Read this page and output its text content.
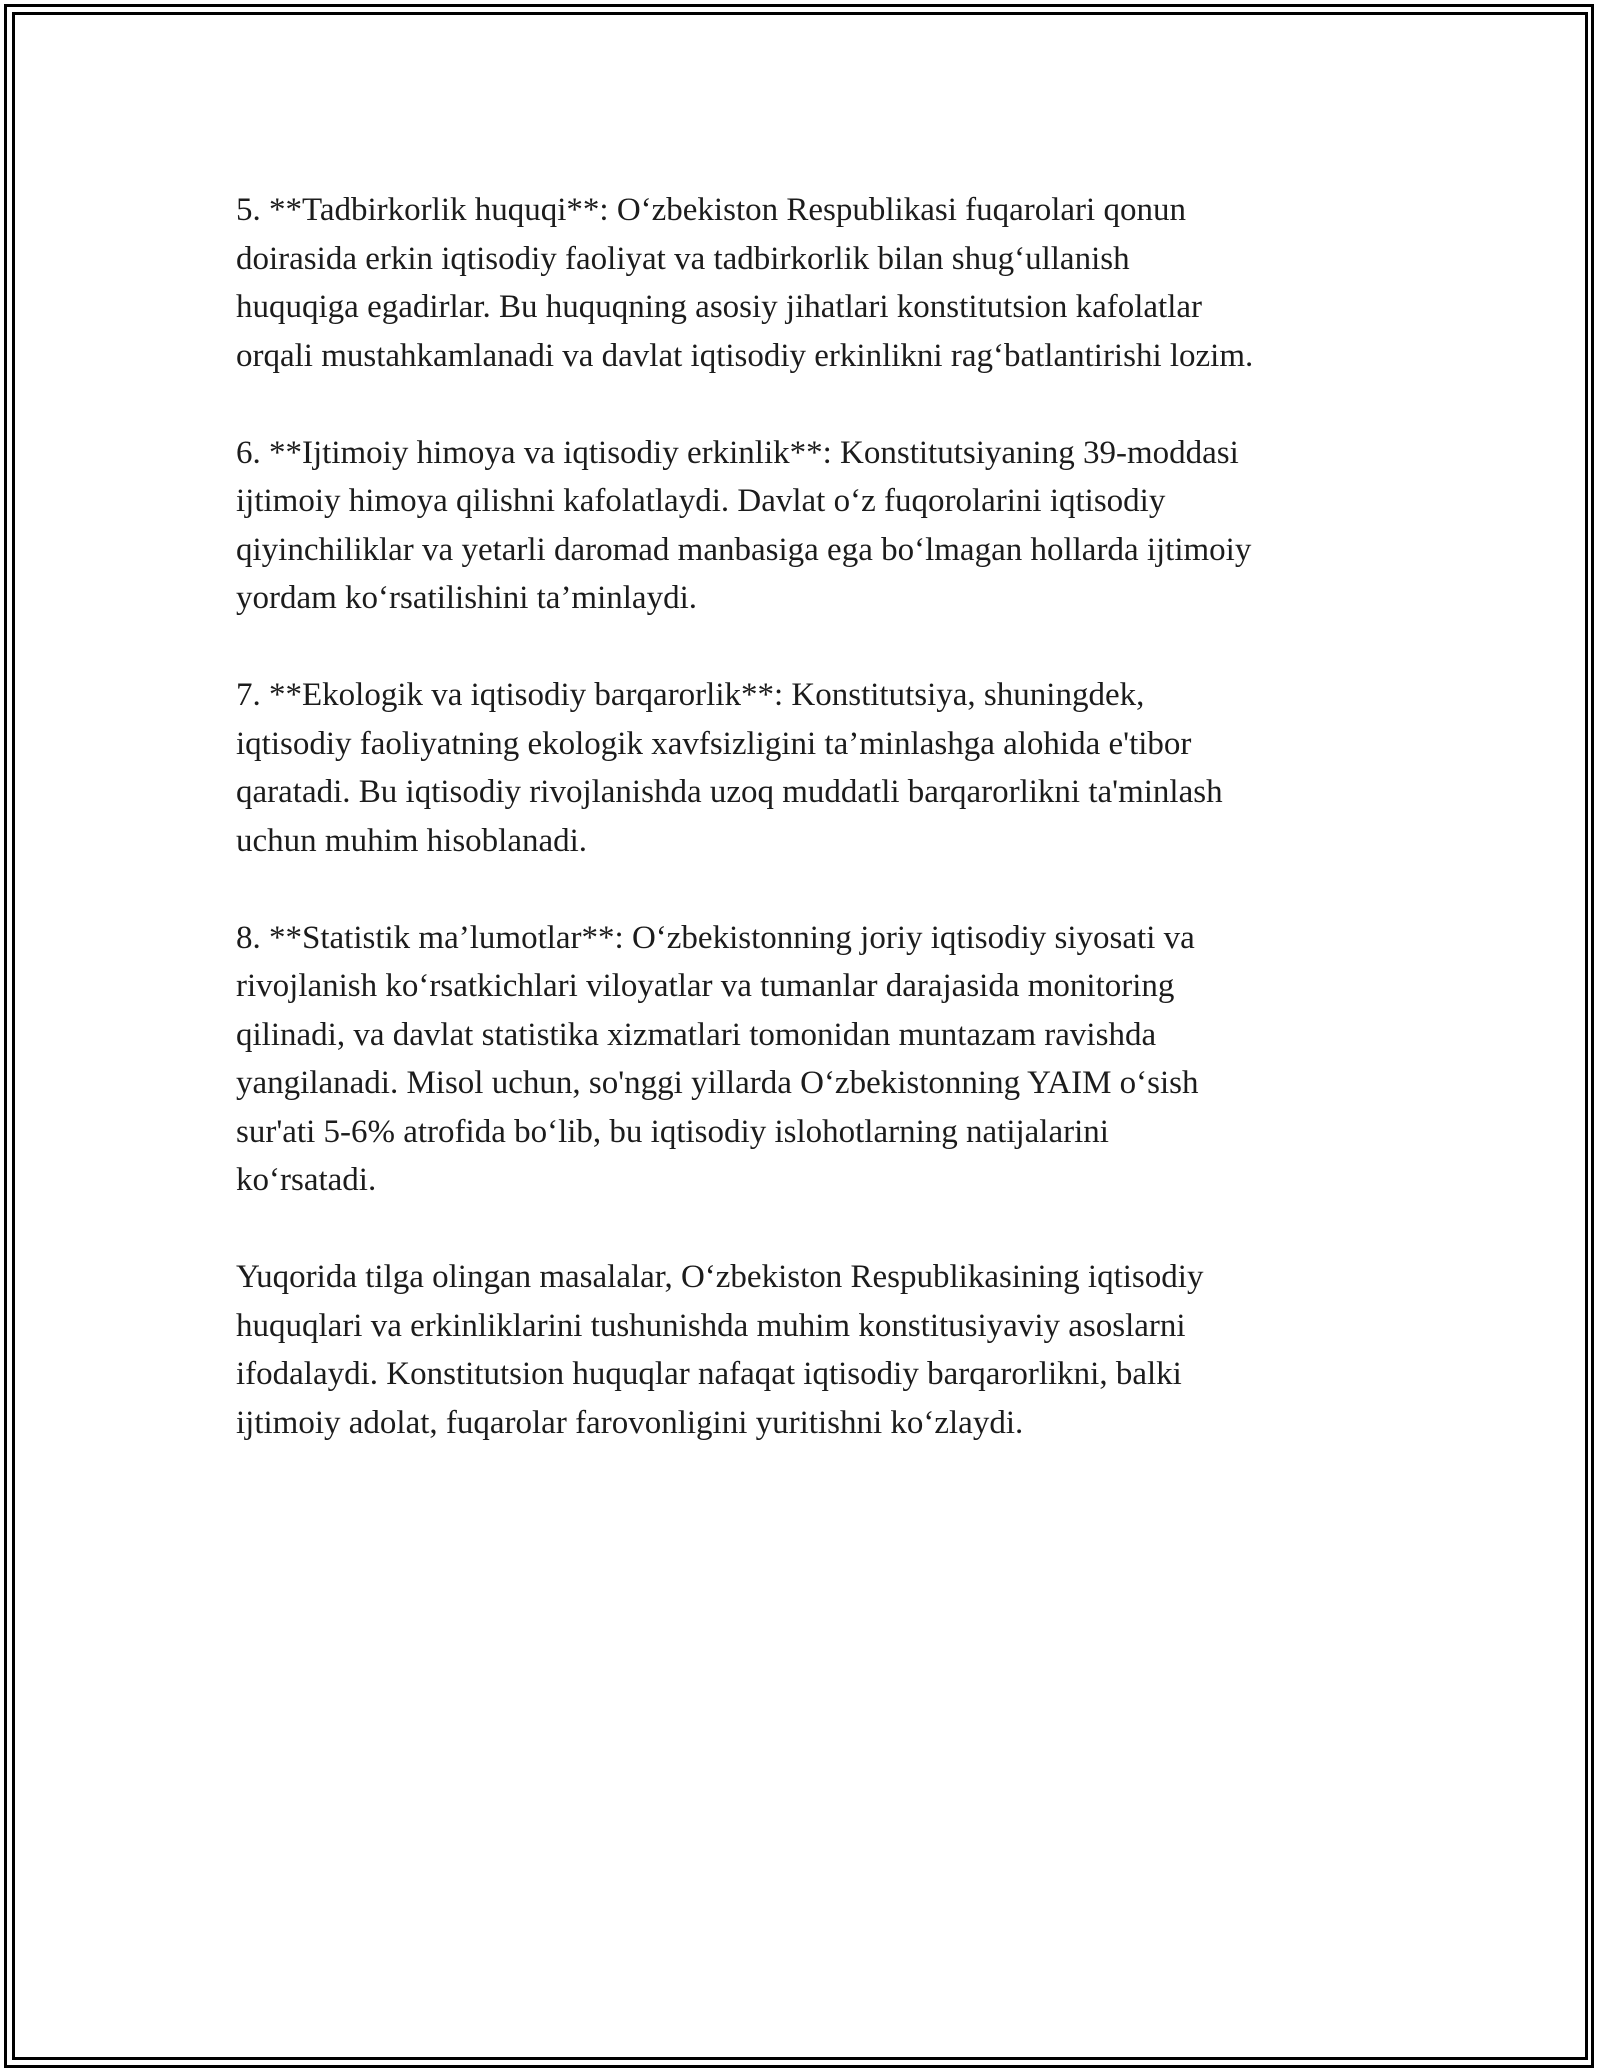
5. **Tadbirkorlik huquqi**: O‘zbekiston Respublikasi fuqarolari qonun
doirasida erkin iqtisodiy faoliyat va tadbirkorlik bilan shug‘ullanish
huquqiga egadirlar. Bu huquqning asosiy jihatlari konstitutsion kafolatlar
orqali mustahkamlanadi va davlat iqtisodiy erkinlikni rag‘batlantirishi lozim.

6. **Ijtimoiy himoya va iqtisodiy erkinlik**: Konstitutsiyaning 39-moddasi
ijtimoiy himoya qilishni kafolatlaydi. Davlat o‘z fuqorolarini iqtisodiy
qiyinchiliklar va yetarli daromad manbasiga ega bo‘lmagan hollarda ijtimoiy
yordam ko‘rsatilishini ta’minlaydi.

7. **Ekologik va iqtisodiy barqarorlik**: Konstitutsiya, shuningdek,
iqtisodiy faoliyatning ekologik xavfsizligini ta’minlashga alohida e'tibor
qaratadi. Bu iqtisodiy rivojlanishda uzoq muddatli barqarorlikni ta'minlash
uchun muhim hisoblanadi.

8. **Statistik ma’lumotlar**: O‘zbekistonning joriy iqtisodiy siyosati va
rivojlanish ko‘rsatkichlari viloyatlar va tumanlar darajasida monitoring
qilinadi, va davlat statistika xizmatlari tomonidan muntazam ravishda
yangilanadi. Misol uchun, so'nggi yillarda O‘zbekistonning YAIM o‘sish
sur'ati 5-6% atrofida bo‘lib, bu iqtisodiy islohotlarning natijalarini
ko‘rsatadi.

Yuqorida tilga olingan masalalar, O‘zbekiston Respublikasining iqtisodiy
huquqlari va erkinliklarini tushunishda muhim konstitusiyaviy asoslarni
ifodalaydi. Konstitutsion huquqlar nafaqat iqtisodiy barqarorlikni, balki
ijtimoiy adolat, fuqarolar farovonligini yuritishni ko‘zlaydi.
